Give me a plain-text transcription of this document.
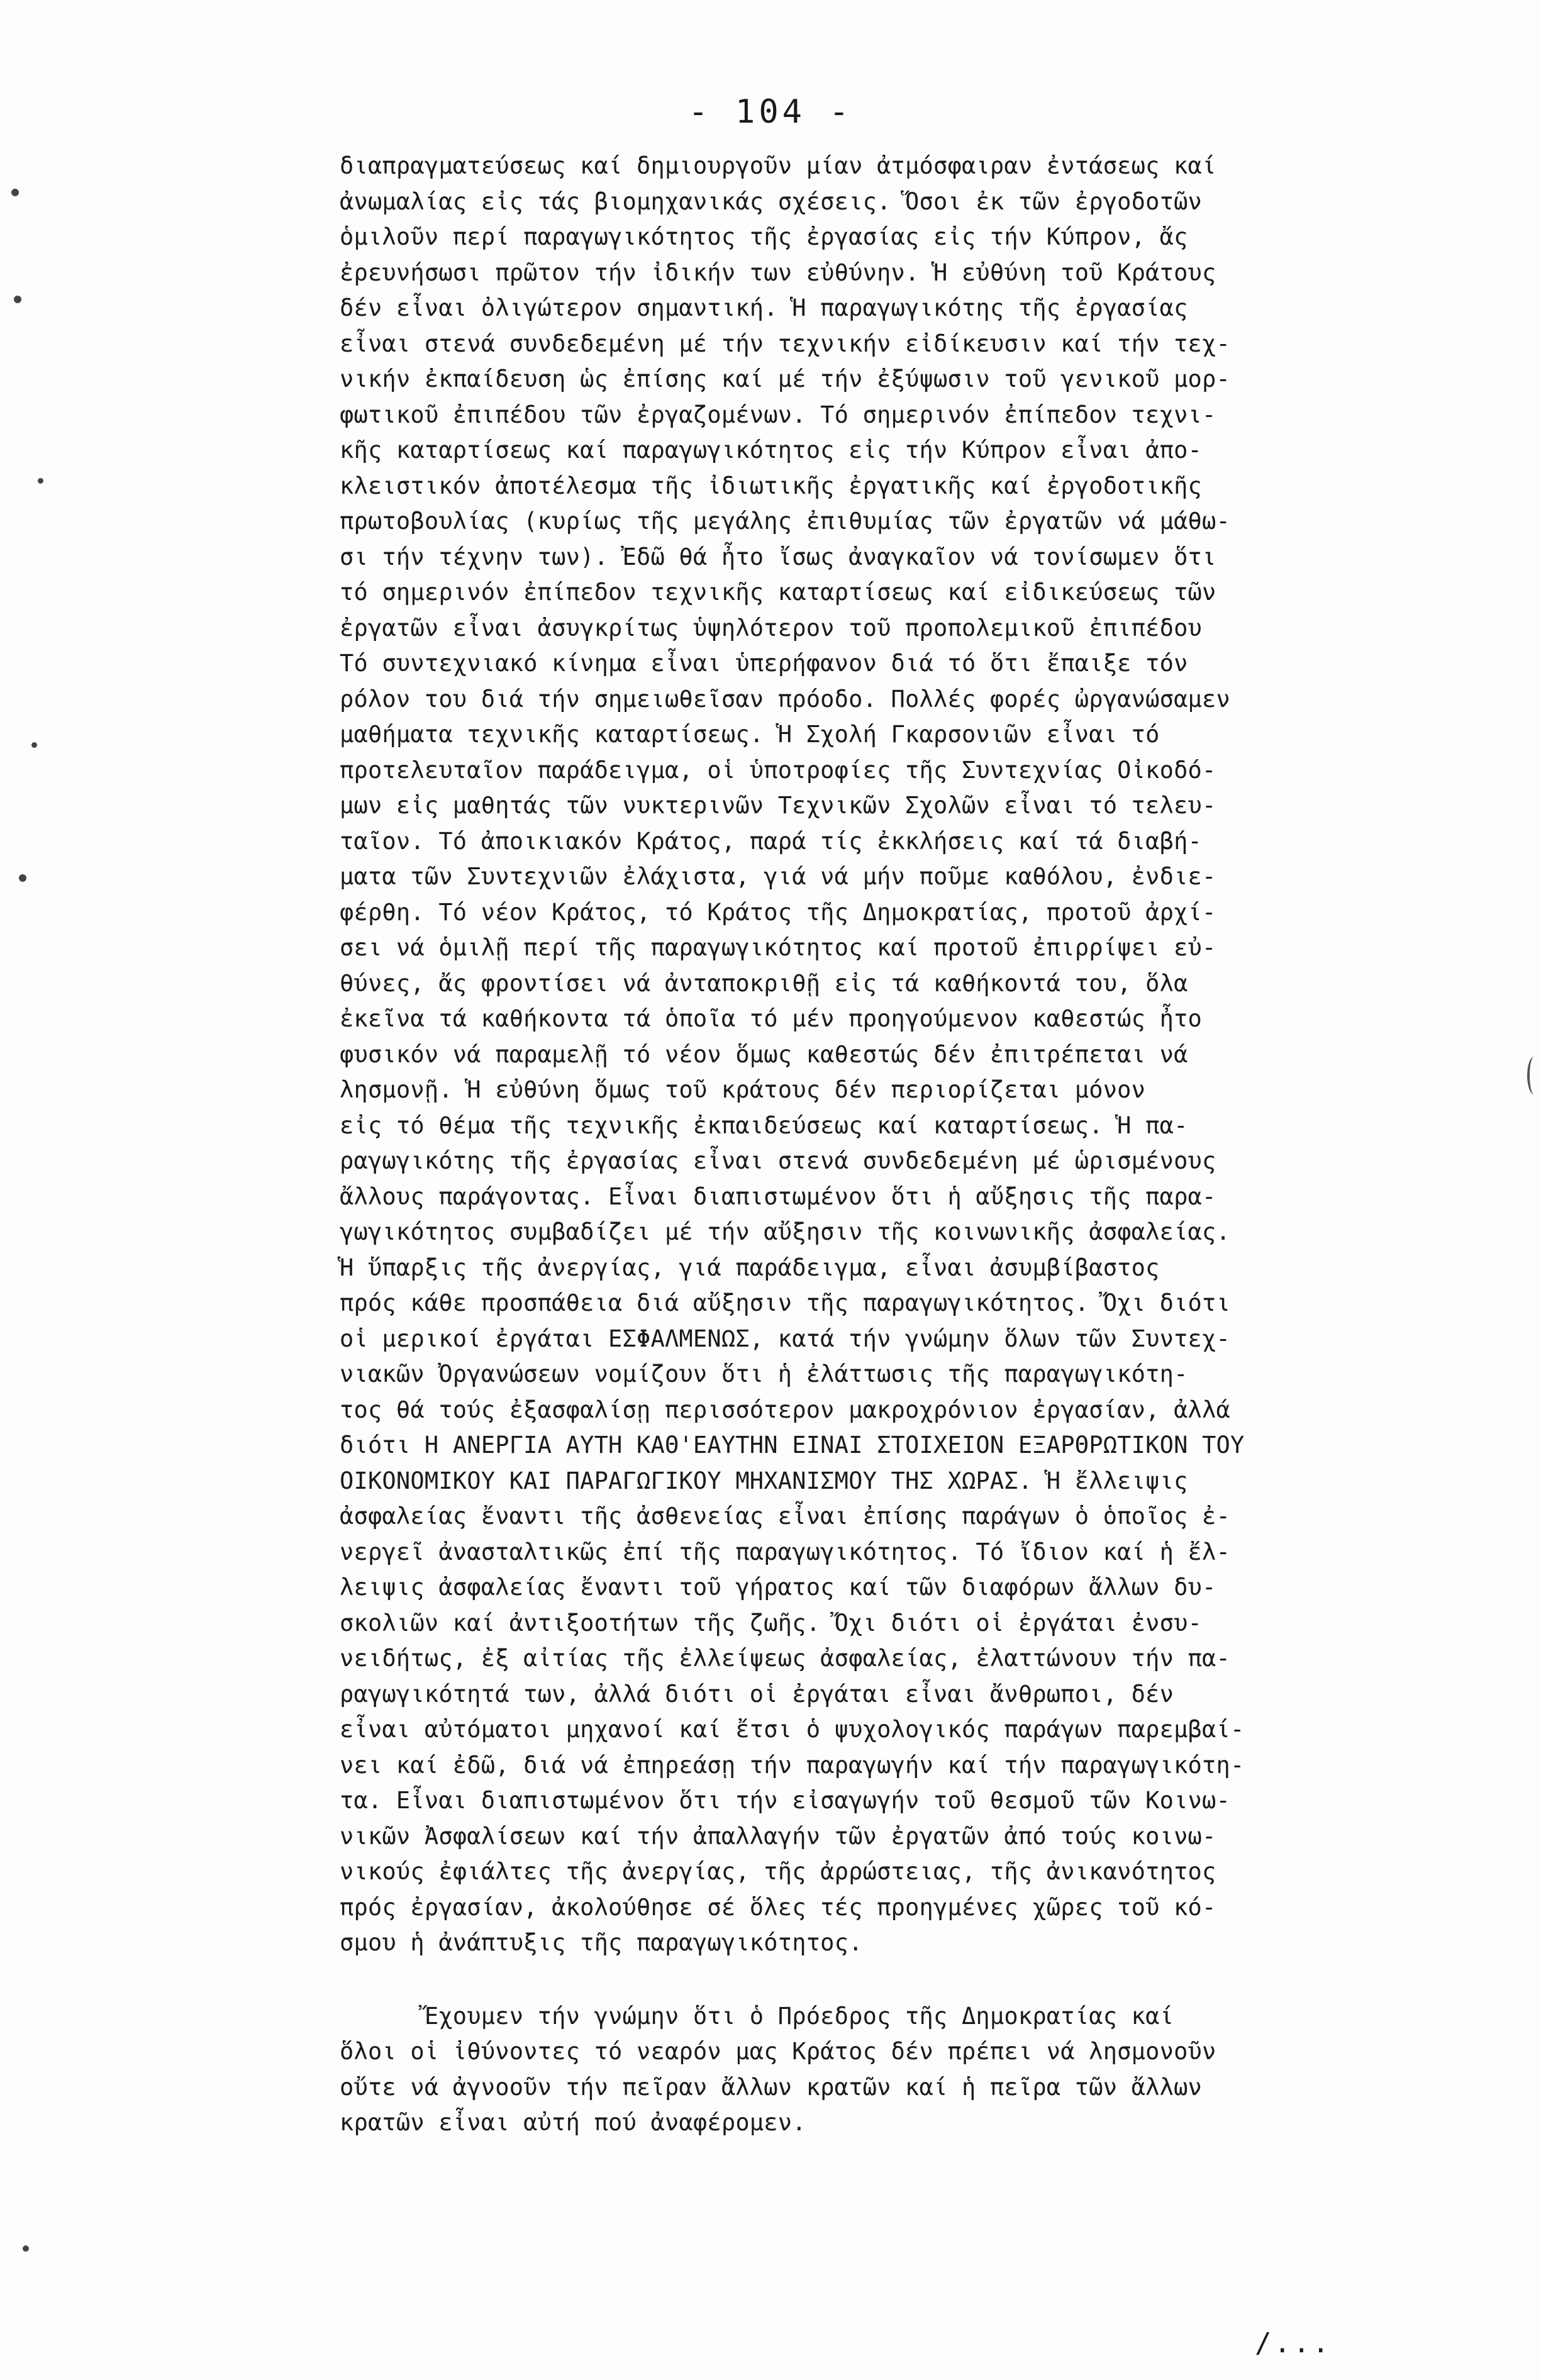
- 104 -
διαπραγματεύσεως καί δημιουργοῦν μίαν ἀτμόσφαιραν ἐντάσεως καί
ἀνωμαλίας εἰς τάς βιομηχανικάς σχέσεις. Ὅσοι ἐκ τῶν ἐργοδοτῶν
ὁμιλοῦν περί παραγωγικότητος τῆς ἐργασίας εἰς τήν Κύπρον, ἄς
ἐρευνήσωσι πρῶτον τήν ἰδικήν των εὐθύνην. Ἡ εὐθύνη τοῦ Κράτους
δέν εἶναι ὀλιγώτερον σημαντική. Ἡ παραγωγικότης τῆς ἐργασίας
εἶναι στενά συνδεδεμένη μέ τήν τεχνικήν εἰδίκευσιν καί τήν τεχ-
νικήν ἐκπαίδευση ὡς ἐπίσης καί μέ τήν ἐξύψωσιν τοῦ γενικοῦ μορ-
φωτικοῦ ἐπιπέδου τῶν ἐργαζομένων. Τό σημερινόν ἐπίπεδον τεχνι-
κῆς καταρτίσεως καί παραγωγικότητος εἰς τήν Κύπρον εἶναι ἀπο-
κλειστικόν ἀποτέλεσμα τῆς ἰδιωτικῆς ἐργατικῆς καί ἐργοδοτικῆς
πρωτοβουλίας (κυρίως τῆς μεγάλης ἐπιθυμίας τῶν ἐργατῶν νά μάθω-
σι τήν τέχνην των). Ἐδῶ θά ἦτο ἴσως ἀναγκαῖον νά τονίσωμεν ὅτι
τό σημερινόν ἐπίπεδον τεχνικῆς καταρτίσεως καί εἰδικεύσεως τῶν
ἐργατῶν εἶναι ἀσυγκρίτως ὑψηλότερον τοῦ προπολεμικοῦ ἐπιπέδου
Τό συντεχνιακό κίνημα εἶναι ὑπερήφανον διά τό ὅτι ἔπαιξε τόν
ρόλον του διά τήν σημειωθεῖσαν πρόοδο. Πολλές φορές ὠργανώσαμεν
μαθήματα τεχνικῆς καταρτίσεως. Ἡ Σχολή Γκαρσονιῶν εἶναι τό
προτελευταῖον παράδειγμα, οἱ ὑποτροφίες τῆς Συντεχνίας Οἰκοδό-
μων εἰς μαθητάς τῶν νυκτερινῶν Τεχνικῶν Σχολῶν εἶναι τό τελευ-
ταῖον. Τό ἀποικιακόν Κράτος, παρά τίς ἐκκλήσεις καί τά διαβή-
ματα τῶν Συντεχνιῶν ἐλάχιστα, γιά νά μήν ποῦμε καθόλου, ἐνδιε-
φέρθη. Τό νέον Κράτος, τό Κράτος τῆς Δημοκρατίας, προτοῦ ἀρχί-
σει νά ὁμιλῇ περί τῆς παραγωγικότητος καί προτοῦ ἐπιρρίψει εὐ-
θύνες, ἄς φροντίσει νά ἀνταποκριθῇ εἰς τά καθήκοντά του, ὅλα
ἐκεῖνα τά καθήκοντα τά ὁποῖα τό μέν προηγούμενον καθεστώς ἦτο
φυσικόν νά παραμελῇ τό νέον ὅμως καθεστώς δέν ἐπιτρέπεται νά
λησμονῇ. Ἡ εὐθύνη ὅμως τοῦ κράτους δέν περιορίζεται μόνον
εἰς τό θέμα τῆς τεχνικῆς ἐκπαιδεύσεως καί καταρτίσεως. Ἡ πα-
ραγωγικότης τῆς ἐργασίας εἶναι στενά συνδεδεμένη μέ ὡρισμένους
ἄλλους παράγοντας. Εἶναι διαπιστωμένον ὅτι ἡ αὔξησις τῆς παρα-
γωγικότητος συμβαδίζει μέ τήν αὔξησιν τῆς κοινωνικῆς ἀσφαλείας.
Ἡ ὕπαρξις τῆς ἀνεργίας, γιά παράδειγμα, εἶναι ἀσυμβίβαστος
πρός κάθε προσπάθεια διά αὔξησιν τῆς παραγωγικότητος. Ὄχι διότι
οἱ μερικοί ἐργάται ΕΣΦΑΛΜΕΝΩΣ, κατά τήν γνώμην ὅλων τῶν Συντεχ-
νιακῶν Ὀργανώσεων νομίζουν ὅτι ἡ ἐλάττωσις τῆς παραγωγικότη-
τος θά τούς ἐξασφαλίσῃ περισσότερον μακροχρόνιον ἐργασίαν, ἀλλά
διότι Η ΑΝΕΡΓΙΑ ΑΥΤΗ ΚΑΘ'ΕΑΥΤΗΝ ΕΙΝΑΙ ΣΤΟΙΧΕΙΟΝ ΕΞΑΡΘΡΩΤΙΚΟΝ ΤΟΥ
ΟΙΚΟΝΟΜΙΚΟΥ ΚΑΙ ΠΑΡΑΓΩΓΙΚΟΥ ΜΗΧΑΝΙΣΜΟΥ ΤΗΣ ΧΩΡΑΣ. Ἡ ἔλλειψις
ἀσφαλείας ἔναντι τῆς ἀσθενείας εἶναι ἐπίσης παράγων ὁ ὁποῖος ἐ-
νεργεῖ ἀνασταλτικῶς ἐπί τῆς παραγωγικότητος. Τό ἴδιον καί ἡ ἔλ-
λειψις ἀσφαλείας ἔναντι τοῦ γήρατος καί τῶν διαφόρων ἄλλων δυ-
σκολιῶν καί ἀντιξοοτήτων τῆς ζωῆς. Ὄχι διότι οἱ ἐργάται ἐνσυ-
νειδήτως, ἐξ αἰτίας τῆς ἐλλείψεως ἀσφαλείας, ἐλαττώνουν τήν πα-
ραγωγικότητά των, ἀλλά διότι οἱ ἐργάται εἶναι ἄνθρωποι, δέν
εἶναι αὐτόματοι μηχανοί καί ἔτσι ὁ ψυχολογικός παράγων παρεμβαί-
νει καί ἐδῶ, διά νά ἐπηρεάσῃ τήν παραγωγήν καί τήν παραγωγικότη-
τα. Εἶναι διαπιστωμένον ὅτι τήν εἰσαγωγήν τοῦ θεσμοῦ τῶν Κοινω-
νικῶν Ἀσφαλίσεων καί τήν ἀπαλλαγήν τῶν ἐργατῶν ἀπό τούς κοινω-
νικούς ἐφιάλτες τῆς ἀνεργίας, τῆς ἀρρώστειας, τῆς ἀνικανότητος
πρός ἐργασίαν, ἀκολούθησε σέ ὅλες τές προηγμένες χῶρες τοῦ κό-
σμου ἡ ἀνάπτυξις τῆς παραγωγικότητος.
Ἔχουμεν τήν γνώμην ὅτι ὁ Πρόεδρος τῆς Δημοκρατίας καί
ὅλοι οἱ ἰθύνοντες τό νεαρόν μας Κράτος δέν πρέπει νά λησμονοῦν
οὔτε νά ἀγνοοῦν τήν πεῖραν ἄλλων κρατῶν καί ἡ πεῖρα τῶν ἄλλων
κρατῶν εἶναι αὐτή πού ἀναφέρομεν.
/...
